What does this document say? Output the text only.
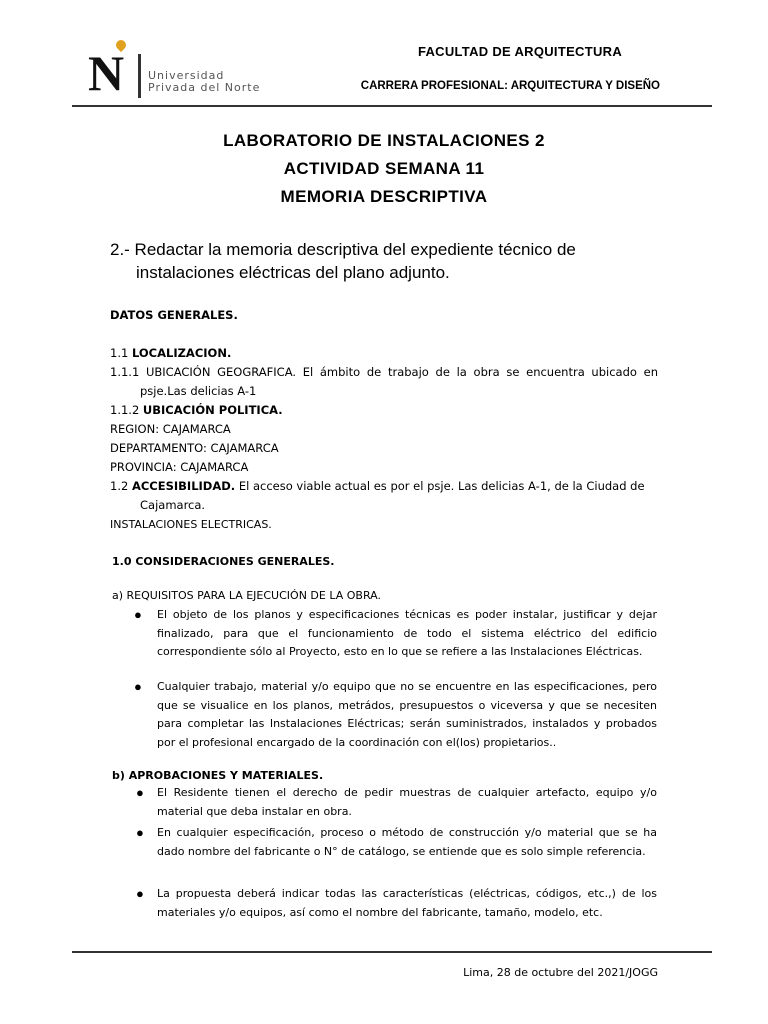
N Universidad
Privada del Norte
FACULTAD DE ARQUITECTURA
CARRERA PROFESIONAL: ARQUITECTURA Y DISEÑO
LABORATORIO DE INSTALACIONES 2
ACTIVIDAD SEMANA 11
MEMORIA DESCRIPTIVA
2.- Redactar la memoria descriptiva del expediente técnico de
instalaciones eléctricas del plano adjunto.
DATOS GENERALES.
1.1 LOCALIZACION.
1.1.1 UBICACIÓN GEOGRAFICA. El ámbito de trabajo de la obra se encuentra ubicado en psje.Las delicias A-1
1.1.2 UBICACIÓN POLITICA.
REGION: CAJAMARCA
DEPARTAMENTO: CAJAMARCA
PROVINCIA: CAJAMARCA
1.2 ACCESIBILIDAD. El acceso viable actual es por el psje. Las delicias A-1, de la Ciudad de Cajamarca.
INSTALACIONES ELECTRICAS.
1.0 CONSIDERACIONES GENERALES.
a) REQUISITOS PARA LA EJECUCIÓN DE LA OBRA.
● El objeto de los planos y especificaciones técnicas es poder instalar, justificar y dejar finalizado, para que el funcionamiento de todo el sistema eléctrico del edificio correspondiente sólo al Proyecto, esto en lo que se refiere a las Instalaciones Eléctricas.
● Cualquier trabajo, material y/o equipo que no se encuentre en las especificaciones, pero que se visualice en los planos, metrádos, presupuestos o viceversa y que se necesiten para completar las Instalaciones Eléctricas; serán suministrados, instalados y probados por el profesional encargado de la coordinación con el(los) propietarios..
b) APROBACIONES Y MATERIALES.
● El Residente tienen el derecho de pedir muestras de cualquier artefacto, equipo y/o material que deba instalar en obra.
● En cualquier especificación, proceso o método de construcción y/o material que se ha dado nombre del fabricante o N° de catálogo, se entiende que es solo simple referencia.
● La propuesta deberá indicar todas las características (eléctricas, códigos, etc.,) de los materiales y/o equipos, así como el nombre del fabricante, tamaño, modelo, etc.
Lima, 28 de octubre del 2021/JOGG
